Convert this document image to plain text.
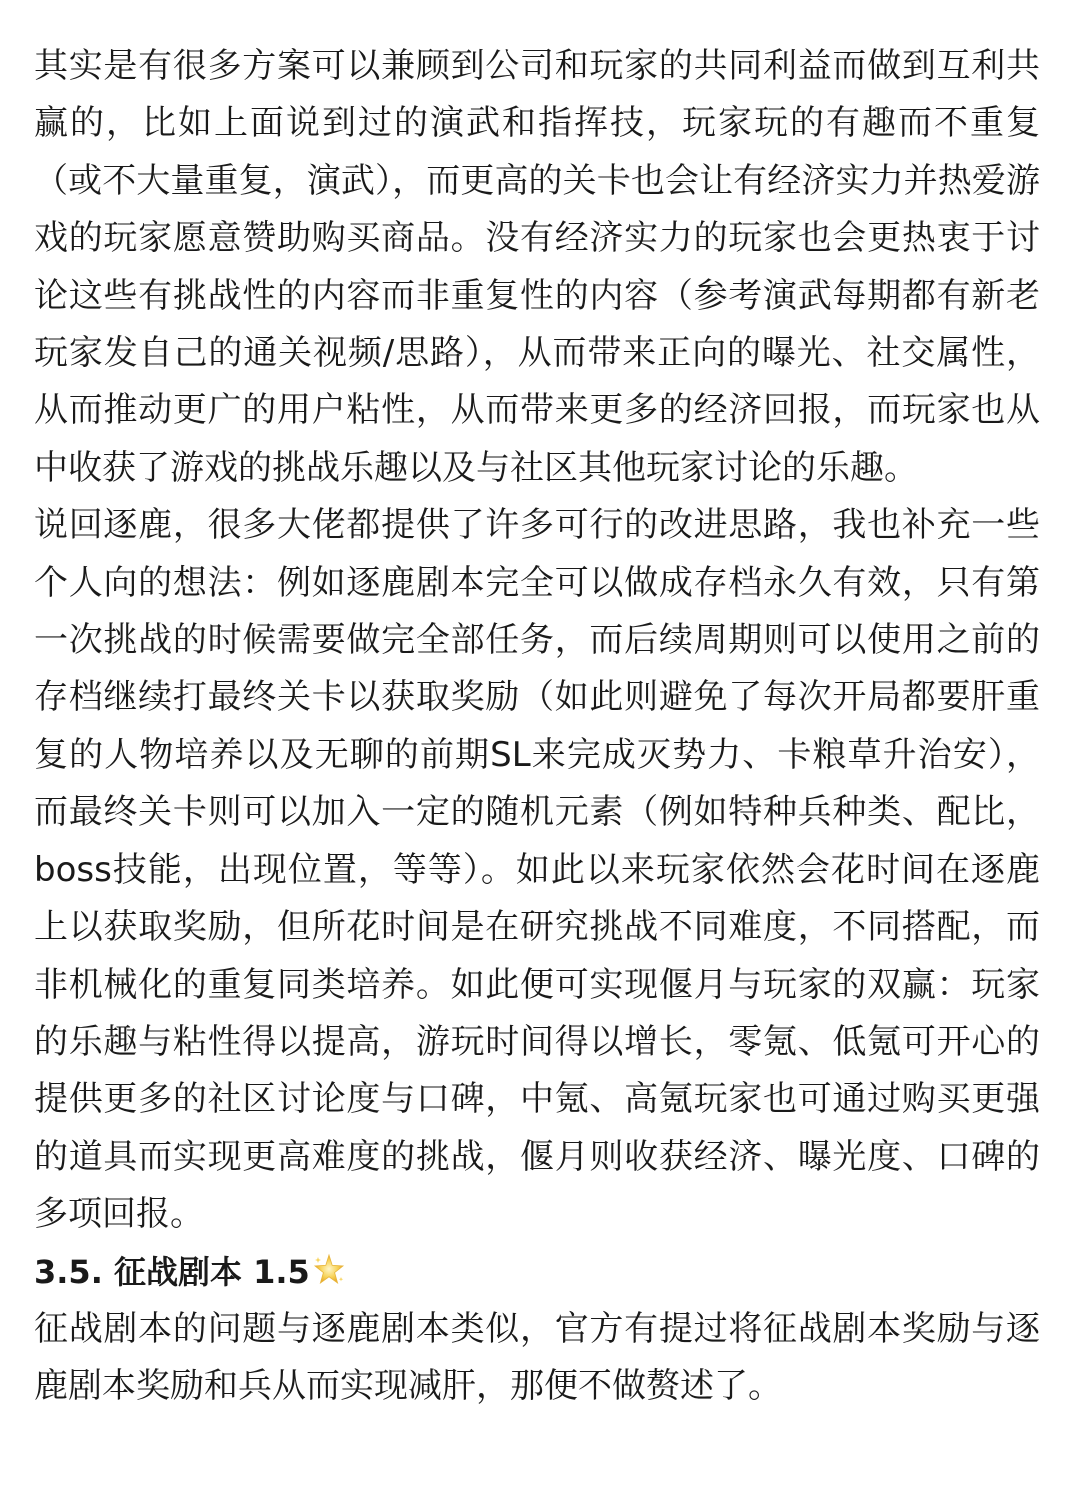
其实是有很多方案可以兼顾到公司和玩家的共同利益而做到互利共赢的，比如上面说到过的演武和指挥技，玩家玩的有趣而不重复（或不大量重复，演武），而更高的关卡也会让有经济实力并热爱游戏的玩家愿意赞助购买商品。没有经济实力的玩家也会更热衷于讨论这些有挑战性的内容而非重复性的内容（参考演武每期都有新老玩家发自己的通关视频/思路），从而带来正向的曝光、社交属性，从而推动更广的用户粘性，从而带来更多的经济回报，而玩家也从中收获了游戏的挑战乐趣以及与社区其他玩家讨论的乐趣。

说回逐鹿，很多大佬都提供了许多可行的改进思路，我也补充一些个人向的想法：例如逐鹿剧本完全可以做成存档永久有效，只有第一次挑战的时候需要做完全部任务，而后续周期则可以使用之前的存档继续打最终关卡以获取奖励（如此则避免了每次开局都要肝重复的人物培养以及无聊的前期SL来完成灭势力、卡粮草升治安），而最终关卡则可以加入一定的随机元素（例如特种兵种类、配比，boss技能，出现位置，等等）。如此以来玩家依然会花时间在逐鹿上以获取奖励，但所花时间是在研究挑战不同难度，不同搭配，而非机械化的重复同类培养。如此便可实现偃月与玩家的双赢：玩家的乐趣与粘性得以提高，游玩时间得以增长，零氪、低氪可开心的提供更多的社区讨论度与口碑，中氪、高氪玩家也可通过购买更强的道具而实现更高难度的挑战，偃月则收获经济、曝光度、口碑的多项回报。

3.5. 征战剧本 1.5

征战剧本的问题与逐鹿剧本类似，官方有提过将征战剧本奖励与逐鹿剧本奖励和兵从而实现减肝，那便不做赘述了。
